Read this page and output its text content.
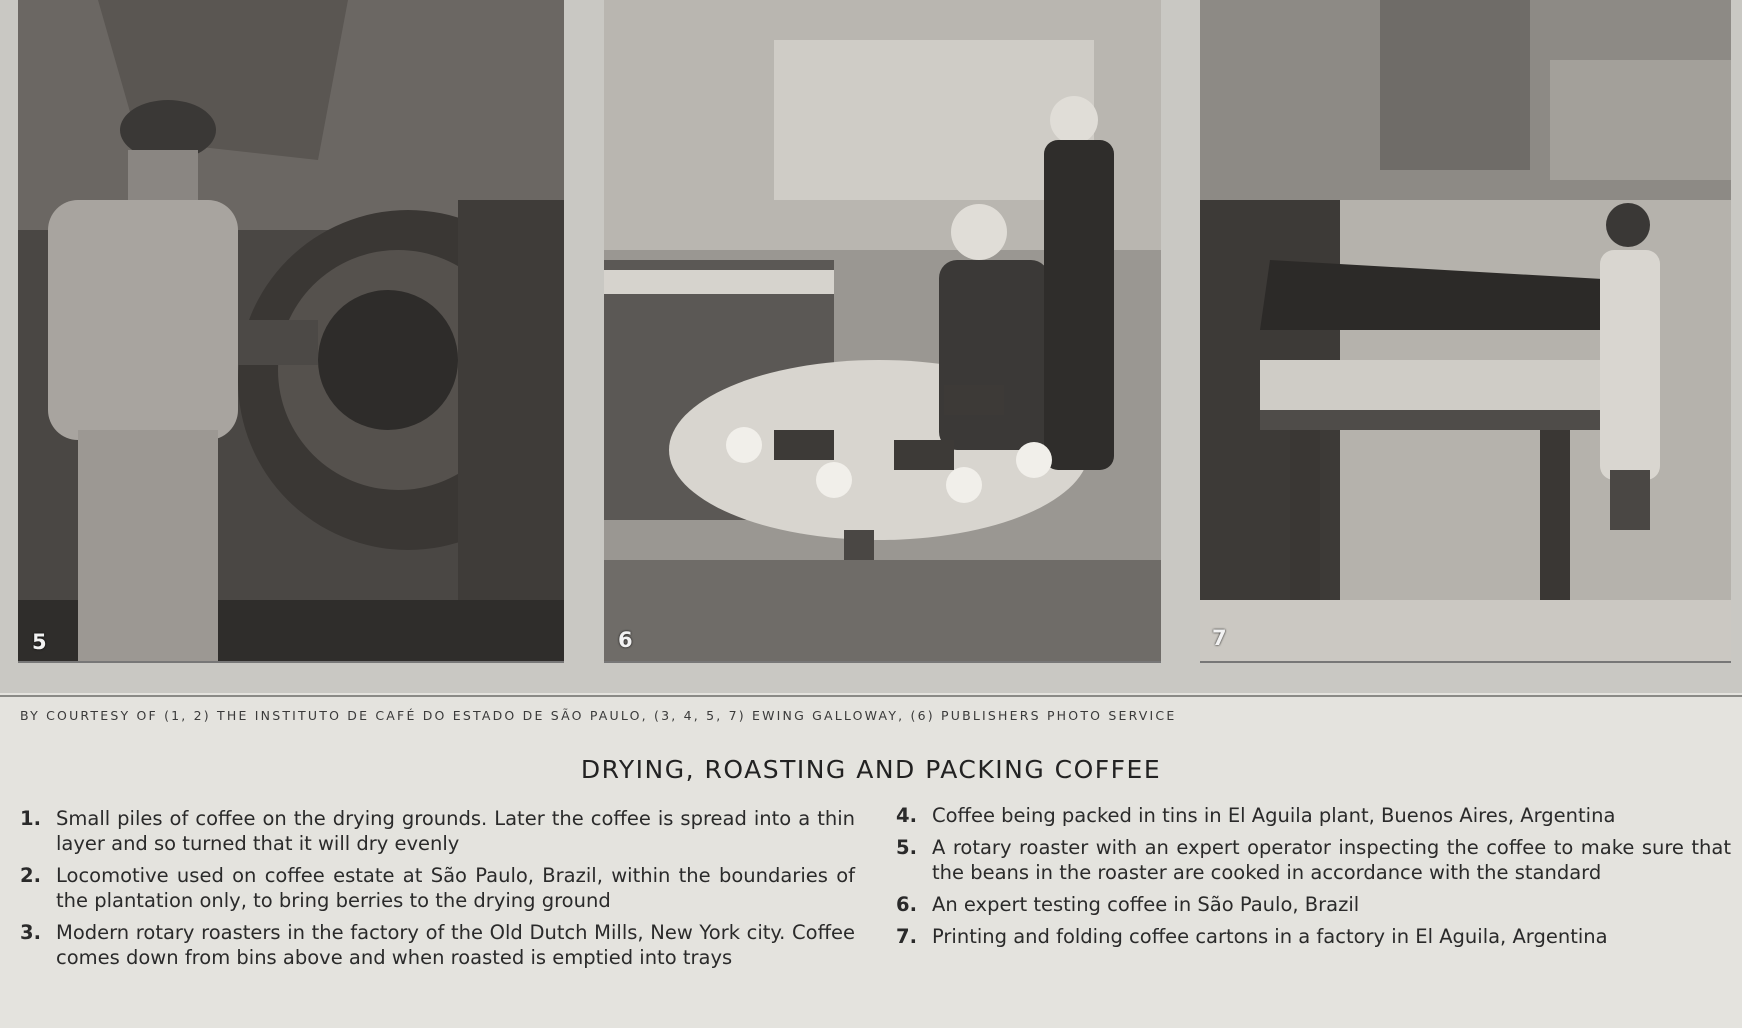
5	6	7
BY COURTESY OF (1, 2) THE INSTITUTO DE CAFÉ DO ESTADO DE SÃO PAULO, (3, 4, 5, 7) EWING GALLOWAY, (6) PUBLISHERS PHOTO SERVICE
DRYING, ROASTING AND PACKING COFFEE
1. Small piles of coffee on the drying grounds. Later the coffee is spread into a thin layer and so turned that it will dry evenly
2. Locomotive used on coffee estate at São Paulo, Brazil, within the boundaries of the plantation only, to bring berries to the drying ground
3. Modern rotary roasters in the factory of the Old Dutch Mills, New York city. Coffee comes down from bins above and when roasted is emptied into trays
4. Coffee being packed in tins in El Aguila plant, Buenos Aires, Argentina
5. A rotary roaster with an expert operator inspecting the coffee to make sure that the beans in the roaster are cooked in accordance with the standard
6. An expert testing coffee in São Paulo, Brazil
7. Printing and folding coffee cartons in a factory in El Aguila, Argentina
